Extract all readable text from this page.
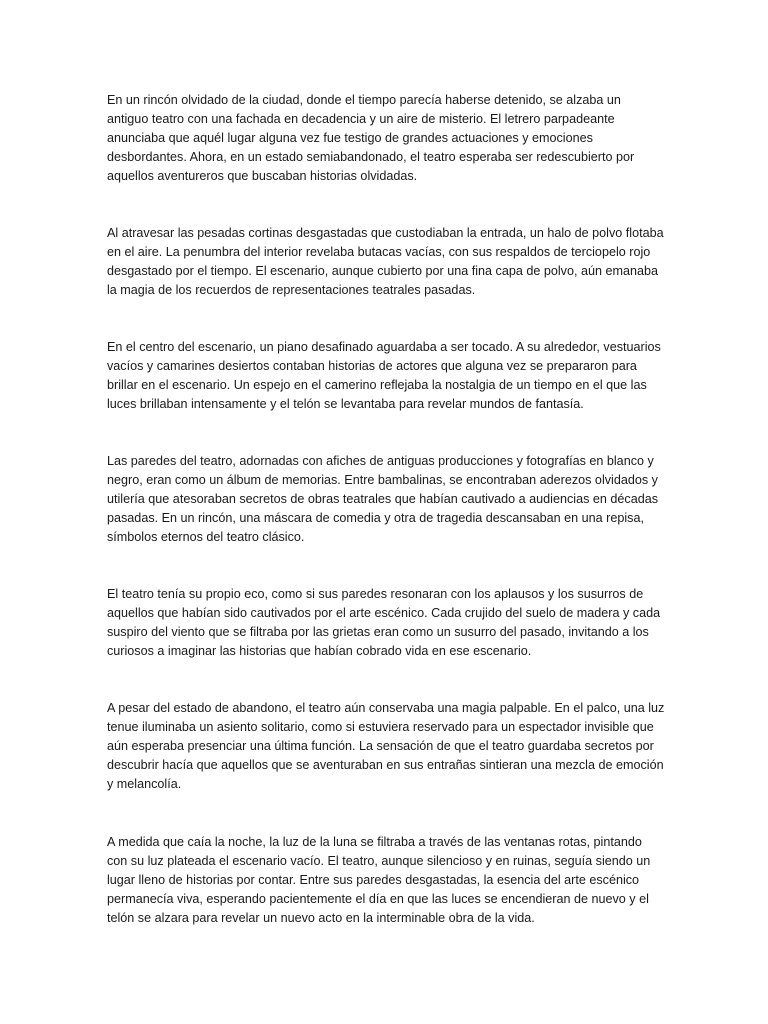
En un rincón olvidado de la ciudad, donde el tiempo parecía haberse detenido, se alzaba un
antiguo teatro con una fachada en decadencia y un aire de misterio. El letrero parpadeante
anunciaba que aquél lugar alguna vez fue testigo de grandes actuaciones y emociones
desbordantes. Ahora, en un estado semiabandonado, el teatro esperaba ser redescubierto por
aquellos aventureros que buscaban historias olvidadas.
Al atravesar las pesadas cortinas desgastadas que custodiaban la entrada, un halo de polvo flotaba
en el aire. La penumbra del interior revelaba butacas vacías, con sus respaldos de terciopelo rojo
desgastado por el tiempo. El escenario, aunque cubierto por una fina capa de polvo, aún emanaba
la magia de los recuerdos de representaciones teatrales pasadas.
En el centro del escenario, un piano desafinado aguardaba a ser tocado. A su alrededor, vestuarios
vacíos y camarines desiertos contaban historias de actores que alguna vez se prepararon para
brillar en el escenario. Un espejo en el camerino reflejaba la nostalgia de un tiempo en el que las
luces brillaban intensamente y el telón se levantaba para revelar mundos de fantasía.
Las paredes del teatro, adornadas con afiches de antiguas producciones y fotografías en blanco y
negro, eran como un álbum de memorias. Entre bambalinas, se encontraban aderezos olvidados y
utilería que atesoraban secretos de obras teatrales que habían cautivado a audiencias en décadas
pasadas. En un rincón, una máscara de comedia y otra de tragedia descansaban en una repisa,
símbolos eternos del teatro clásico.
El teatro tenía su propio eco, como si sus paredes resonaran con los aplausos y los susurros de
aquellos que habían sido cautivados por el arte escénico. Cada crujido del suelo de madera y cada
suspiro del viento que se filtraba por las grietas eran como un susurro del pasado, invitando a los
curiosos a imaginar las historias que habían cobrado vida en ese escenario.
A pesar del estado de abandono, el teatro aún conservaba una magia palpable. En el palco, una luz
tenue iluminaba un asiento solitario, como si estuviera reservado para un espectador invisible que
aún esperaba presenciar una última función. La sensación de que el teatro guardaba secretos por
descubrir hacía que aquellos que se aventuraban en sus entrañas sintieran una mezcla de emoción
y melancolía.
A medida que caía la noche, la luz de la luna se filtraba a través de las ventanas rotas, pintando
con su luz plateada el escenario vacío. El teatro, aunque silencioso y en ruinas, seguía siendo un
lugar lleno de historias por contar. Entre sus paredes desgastadas, la esencia del arte escénico
permanecía viva, esperando pacientemente el día en que las luces se encendieran de nuevo y el
telón se alzara para revelar un nuevo acto en la interminable obra de la vida.
